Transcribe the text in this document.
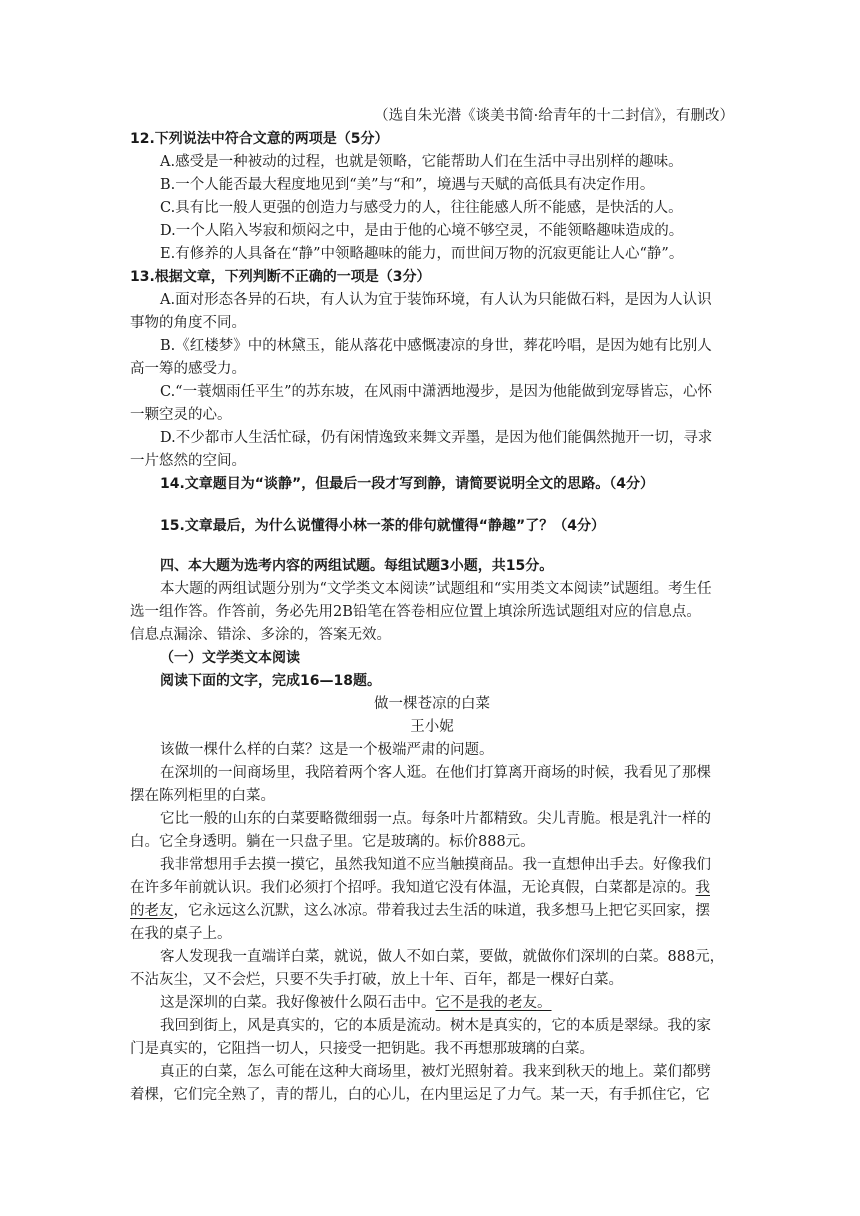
（选自朱光潜《谈美书简·给青年的十二封信》，有删改）
12.下列说法中符合文意的两项是（5分）
A.感受是一种被动的过程，也就是领略，它能帮助人们在生活中寻出别样的趣味。
B.一个人能否最大程度地见到“美”与“和”，境遇与天赋的高低具有决定作用。
C.具有比一般人更强的创造力与感受力的人，往往能感人所不能感，是快活的人。
D.一个人陷入岑寂和烦闷之中，是由于他的心境不够空灵，不能领略趣味造成的。
E.有修养的人具备在“静”中领略趣味的能力，而世间万物的沉寂更能让人心“静”。
13.根据文章，下列判断不正确的一项是（3分）
A.面对形态各异的石块，有人认为宜于装饰环境，有人认为只能做石料，是因为人认识
事物的角度不同。
B.《红楼梦》中的林黛玉，能从落花中感慨凄凉的身世，葬花吟唱，是因为她有比别人
高一筹的感受力。
C.“一蓑烟雨任平生”的苏东坡，在风雨中潇洒地漫步，是因为他能做到宠辱皆忘，心怀
一颗空灵的心。
D.不少都市人生活忙碌，仍有闲情逸致来舞文弄墨，是因为他们能偶然抛开一切，寻求
一片悠然的空间。
14.文章题目为“谈静”，但最后一段才写到静，请简要说明全文的思路。（4分）
15.文章最后，为什么说懂得小林一茶的俳句就懂得“静趣”了？（4分）
四、本大题为选考内容的两组试题。每组试题3小题，共15分。
本大题的两组试题分别为“文学类文本阅读”试题组和“实用类文本阅读”试题组。考生任
选一组作答。作答前，务必先用2B铅笔在答卷相应位置上填涂所选试题组对应的信息点。
信息点漏涂、错涂、多涂的，答案无效。
（一）文学类文本阅读
阅读下面的文字，完成16—18题。
做一棵苍凉的白菜
王小妮
该做一棵什么样的白菜？这是一个极端严肃的问题。
在深圳的一间商场里，我陪着两个客人逛。在他们打算离开商场的时候，我看见了那棵
摆在陈列柜里的白菜。
它比一般的山东的白菜要略微细弱一点。每条叶片都精致。尖儿青脆。根是乳汁一样的
白。它全身透明。躺在一只盘子里。它是玻璃的。标价888元。
我非常想用手去摸一摸它，虽然我知道不应当触摸商品。我一直想伸出手去。好像我们
在许多年前就认识。我们必须打个招呼。我知道它没有体温，无论真假，白菜都是凉的。我
的老友，它永远这么沉默，这么冰凉。带着我过去生活的味道，我多想马上把它买回家，摆
在我的桌子上。
客人发现我一直端详白菜，就说，做人不如白菜，要做，就做你们深圳的白菜。888元，
不沾灰尘，又不会烂，只要不失手打破，放上十年、百年，都是一棵好白菜。
这是深圳的白菜。我好像被什么陨石击中。它不是我的老友。
我回到街上，风是真实的，它的本质是流动。树木是真实的，它的本质是翠绿。我的家
门是真实的，它阻挡一切人，只接受一把钥匙。我不再想那玻璃的白菜。
真正的白菜，怎么可能在这种大商场里，被灯光照射着。我来到秋天的地上。菜们都劈
着棵，它们完全熟了，青的帮儿，白的心儿，在内里运足了力气。某一天，有手抓住它，它
